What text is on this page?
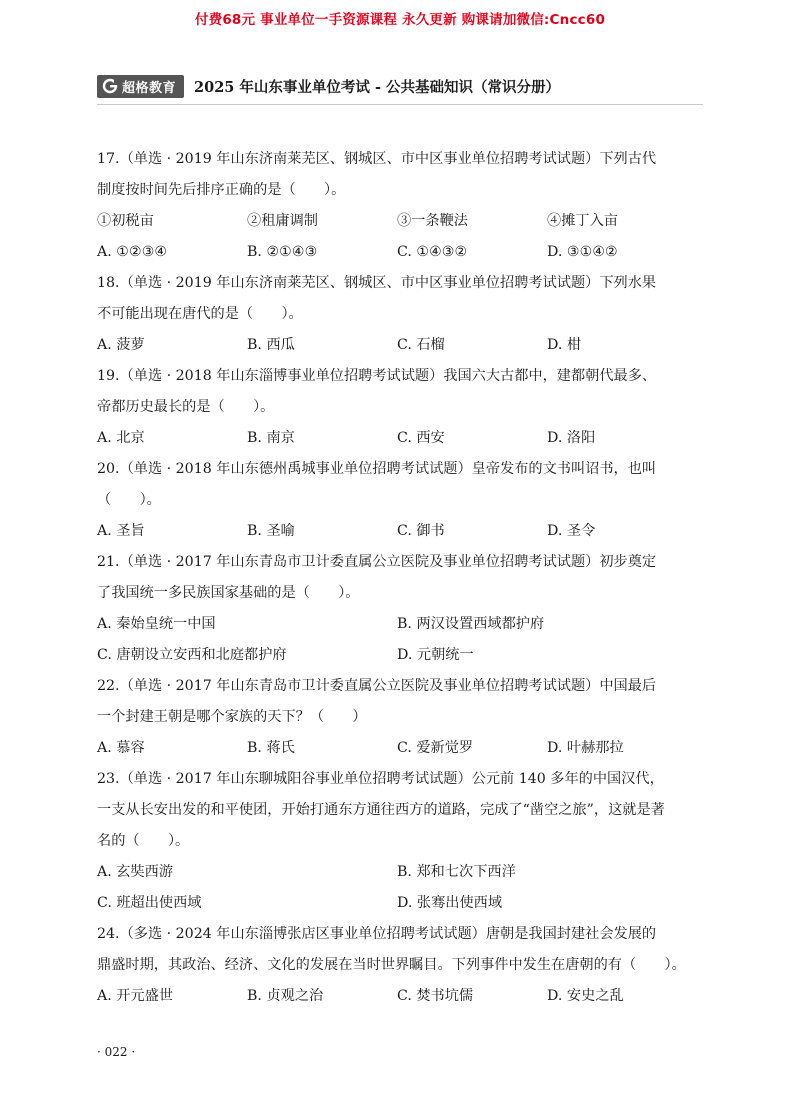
付费68元 事业单位一手资源课程 永久更新 购课请加微信:Cncc60
超格教育 2025 年山东事业单位考试 - 公共基础知识（常识分册）
17.（单选 · 2019 年山东济南莱芜区、钢城区、市中区事业单位招聘考试试题）下列古代
制度按时间先后排序正确的是（　　）。
①初税亩	②租庸调制	③一条鞭法	④摊丁入亩
A. ①②③④	B. ②①④③	C. ①④③②	D. ③①④②
18.（单选 · 2019 年山东济南莱芜区、钢城区、市中区事业单位招聘考试试题）下列水果
不可能出现在唐代的是（　　）。
A. 菠萝	B. 西瓜	C. 石榴	D. 柑
19.（单选 · 2018 年山东淄博事业单位招聘考试试题）我国六大古都中，建都朝代最多、
帝都历史最长的是（　　）。
A. 北京	B. 南京	C. 西安	D. 洛阳
20.（单选 · 2018 年山东德州禹城事业单位招聘考试试题）皇帝发布的文书叫诏书，也叫
（　　）。
A. 圣旨	B. 圣喻	C. 御书	D. 圣令
21.（单选 · 2017 年山东青岛市卫计委直属公立医院及事业单位招聘考试试题）初步奠定
了我国统一多民族国家基础的是（　　）。
A. 秦始皇统一中国	B. 两汉设置西域都护府
C. 唐朝设立安西和北庭都护府	D. 元朝统一
22.（单选 · 2017 年山东青岛市卫计委直属公立医院及事业单位招聘考试试题）中国最后
一个封建王朝是哪个家族的天下？（　　）
A. 慕容	B. 蒋氏	C. 爱新觉罗	D. 叶赫那拉
23.（单选 · 2017 年山东聊城阳谷事业单位招聘考试试题）公元前 140 多年的中国汉代，
一支从长安出发的和平使团，开始打通东方通往西方的道路，完成了“凿空之旅”，这就是著
名的（　　）。
A. 玄奘西游	B. 郑和七次下西洋
C. 班超出使西域	D. 张骞出使西域
24.（多选 · 2024 年山东淄博张店区事业单位招聘考试试题）唐朝是我国封建社会发展的
鼎盛时期，其政治、经济、文化的发展在当时世界瞩目。下列事件中发生在唐朝的有（　　）。
A. 开元盛世	B. 贞观之治	C. 焚书坑儒	D. 安史之乱
· 022 ·
